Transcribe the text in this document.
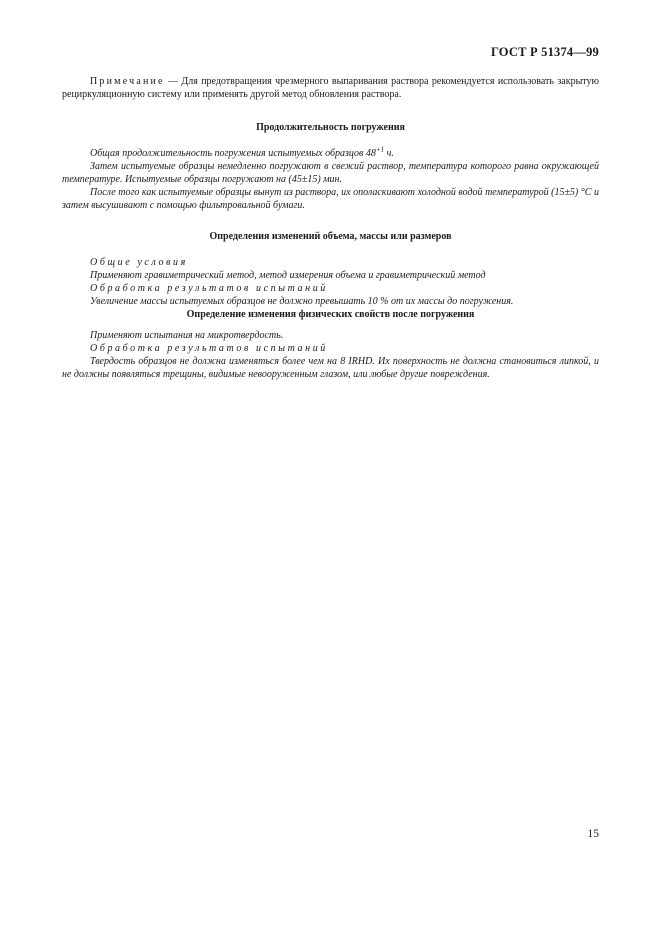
ГОСТ Р 51374—99

Примечание — Для предотвращения чрезмерного выпаривания раствора рекомендуется использовать закрытую рециркуляционную систему или применять другой метод обновления раствора.

Продолжительность погружения

Общая продолжительность погружения испытуемых образцов $48^{+1}$ ч.

Затем испытуемые образцы немедленно погружают в свежий раствор, температура которого равна окружающей температуре. Испытуемые образцы погружают на (45±15) мин.

После того как испытуемые образцы вынут из раствора, их ополаскивают холодной водой температурой (15±5) °С и затем высушивают с помощью фильтровальной бумаги.

Определения изменений объема, массы или размеров

Общие условия

Применяют гравиметрический метод, метод измерения объема и гравиметрический метод

Обработка результатов испытаний

Увеличение массы испытуемых образцов не должно превышать 10 % от их массы до погружения.

Определение изменения физических свойств после погружения

Применяют испытания на микротвердость.

Обработка результатов испытаний

Твердость образцов не должна изменяться более чем на 8 IRHD. Их поверхность не должна становиться липкой, и не должны появляться трещины, видимые невооруженным глазом, или любые другие повреждения.

15
